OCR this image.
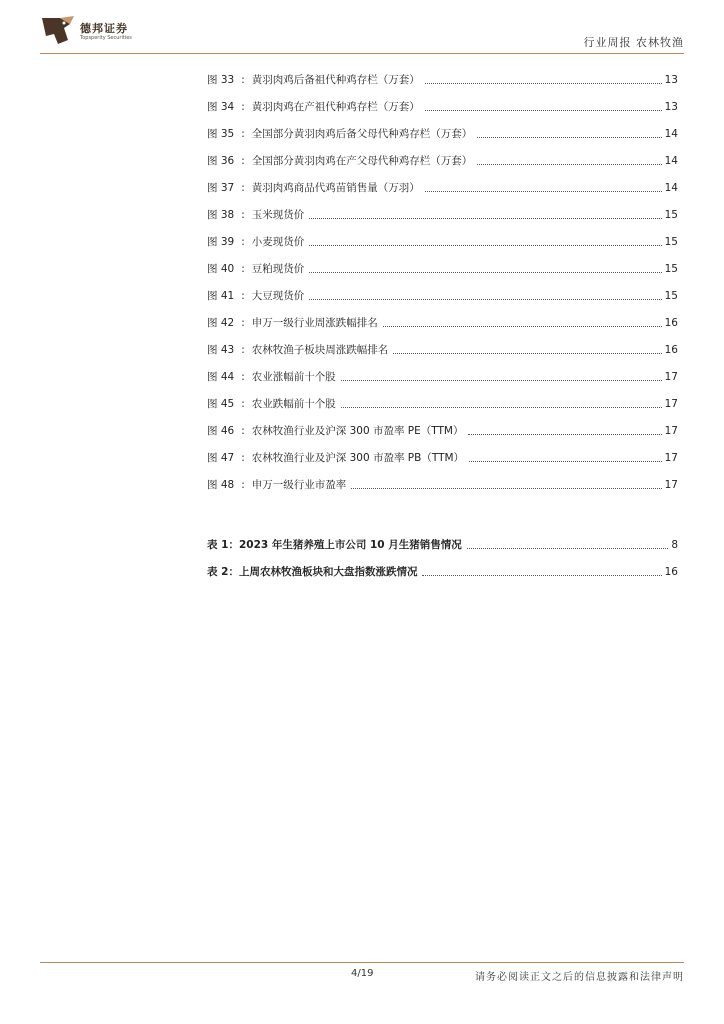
德邦证券
Topsperity Securities	行业周报 农林牧渔
图 33 : 黄羽肉鸡后备祖代种鸡存栏（万套）	13
图 34 : 黄羽肉鸡在产祖代种鸡存栏（万套）	13
图 35 : 全国部分黄羽肉鸡后备父母代种鸡存栏（万套）	14
图 36 : 全国部分黄羽肉鸡在产父母代种鸡存栏（万套）	14
图 37 : 黄羽肉鸡商品代鸡苗销售量（万羽）	14
图 38 : 玉米现货价	15
图 39 : 小麦现货价	15
图 40 : 豆粕现货价	15
图 41 : 大豆现货价	15
图 42 : 申万一级行业周涨跌幅排名	16
图 43 : 农林牧渔子板块周涨跌幅排名	16
图 44 : 农业涨幅前十个股	17
图 45 : 农业跌幅前十个股	17
图 46 : 农林牧渔行业及沪深 300 市盈率 PE（TTM）	17
图 47 : 农林牧渔行业及沪深 300 市盈率 PB（TTM）	17
图 48 : 申万一级行业市盈率	17
表 1：2023 年生猪养殖上市公司 10 月生猪销售情况	8
表 2：上周农林牧渔板块和大盘指数涨跌情况	16
4/19	请务必阅读正文之后的信息披露和法律声明
